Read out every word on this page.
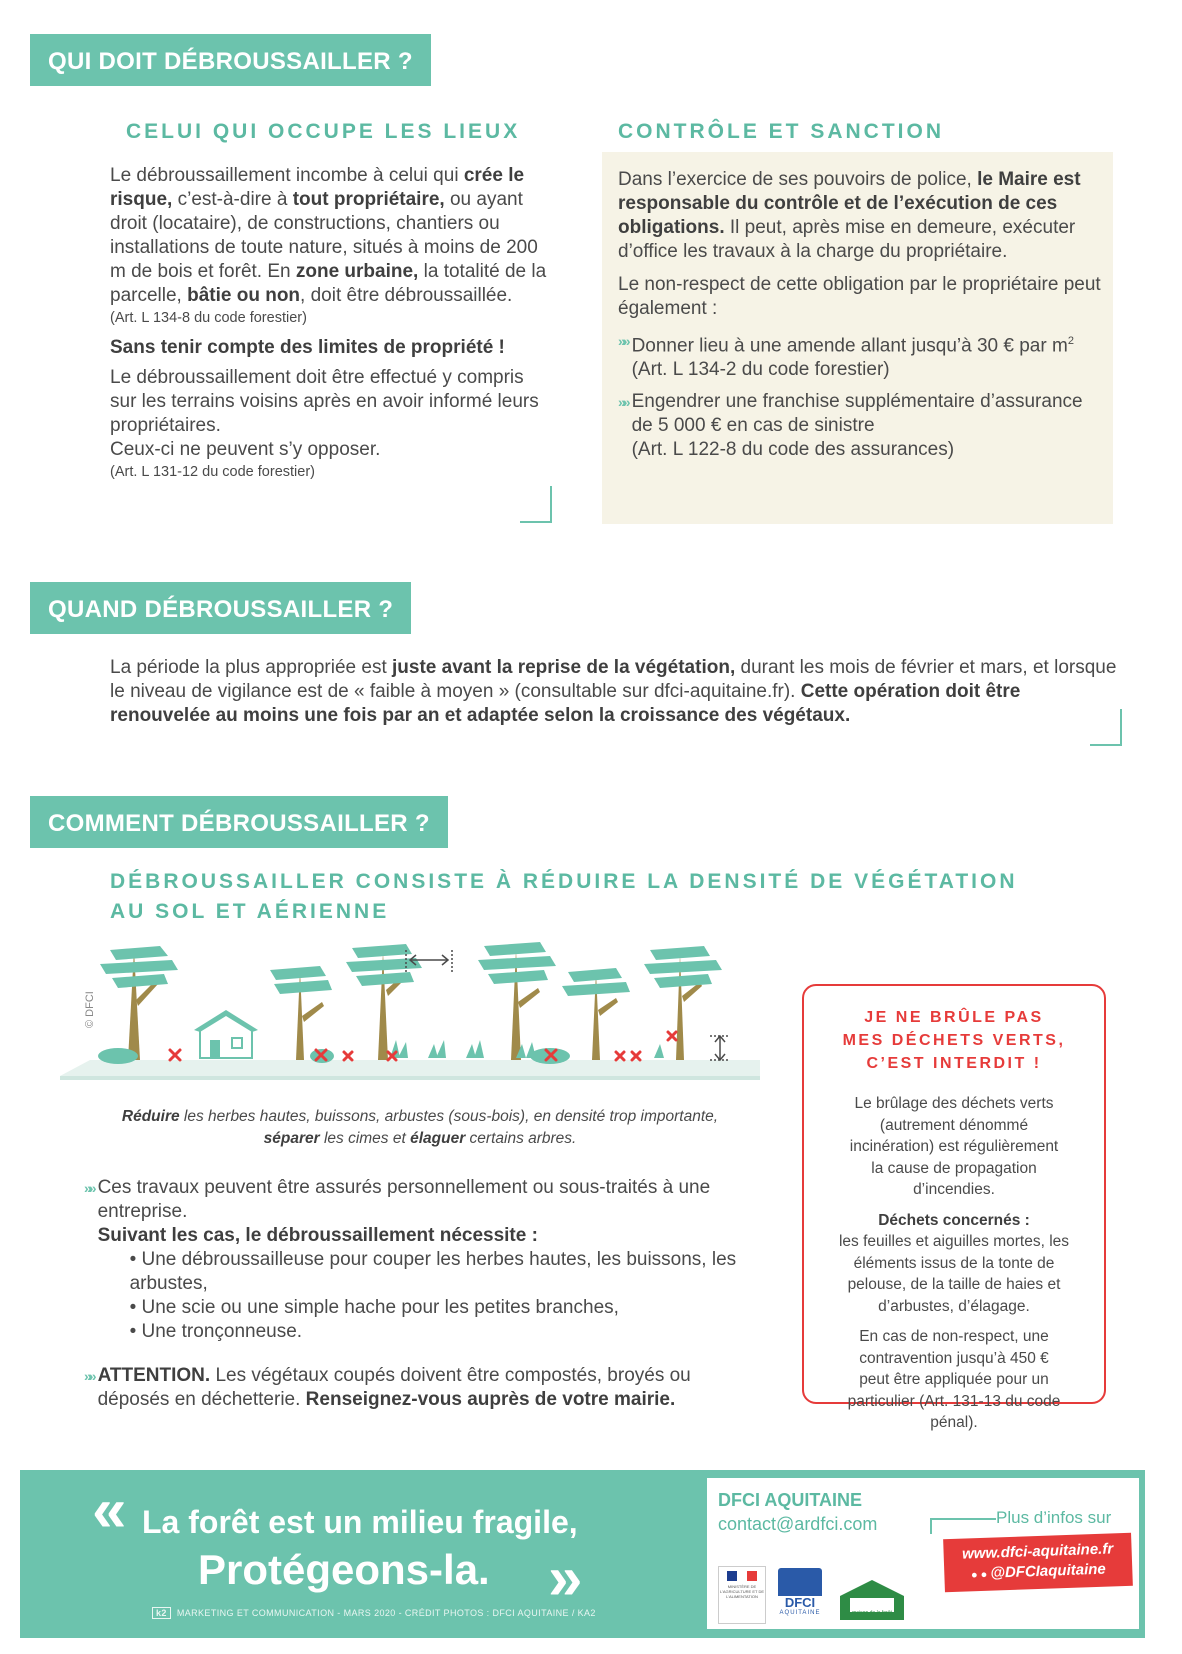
QUI DOIT DÉBROUSSAILLER ?
CELUI QUI OCCUPE LES LIEUX
Le débroussaillement incombe à celui qui crée le risque, c’est-à-dire à tout propriétaire, ou ayant droit (locataire), de constructions, chantiers ou installations de toute nature, situés à moins de 200 m de bois et forêt. En zone urbaine, la totalité de la parcelle, bâtie ou non, doit être débroussaillée.
(Art. L 134-8 du code forestier)
Sans tenir compte des limites de propriété !
Le débroussaillement doit être effectué y compris sur les terrains voisins après en avoir informé leurs propriétaires.
Ceux-ci ne peuvent s’y opposer.
(Art. L 131-12 du code forestier)
CONTRÔLE ET SANCTION
Dans l’exercice de ses pouvoirs de police, le Maire est responsable du contrôle et de l’exécution de ces obligations. Il peut, après mise en demeure, exécuter d’office les travaux à la charge du propriétaire.
Le non-respect de cette obligation par le propriétaire peut également :
»» Donner lieu à une amende allant jusqu’à 30 € par $m^2$
(Art. L 134-2 du code forestier)
»» Engendrer une franchise supplémentaire d’assurance de 5 000 € en cas de sinistre
(Art. L 122-8 du code des assurances)
QUAND DÉBROUSSAILLER ?
La période la plus appropriée est juste avant la reprise de la végétation, durant les mois de février et mars, et lorsque le niveau de vigilance est de « faible à moyen » (consultable sur dfci-aquitaine.fr). Cette opération doit être renouvelée au moins une fois par an et adaptée selon la croissance des végétaux.
COMMENT DÉBROUSSAILLER ?
DÉBROUSSAILLER CONSISTE À RÉDUIRE LA DENSITÉ DE VÉGÉTATION
AU SOL ET AÉRIENNE
© DFCI
Réduire les herbes hautes, buissons, arbustes (sous-bois), en densité trop importante,
séparer les cimes et élaguer certains arbres.
»» Ces travaux peuvent être assurés personnellement ou sous-traités à une entreprise.
Suivant les cas, le débroussaillement nécessite :
• Une débroussailleuse pour couper les herbes hautes, les buissons, les arbustes,
• Une scie ou une simple hache pour les petites branches,
• Une tronçonneuse.
»» ATTENTION. Les végétaux coupés doivent être compostés, broyés ou déposés en déchetterie. Renseignez-vous auprès de votre mairie.
JE NE BRÛLE PAS
MES DÉCHETS VERTS,
C’EST INTERDIT !
Le brûlage des déchets verts (autrement dénommé incinération) est régulièrement la cause de propagation d’incendies.
Déchets concernés :
les feuilles et aiguilles mortes, les éléments issus de la tonte de pelouse, de la taille de haies et d’arbustes, d’élagage.
En cas de non-respect, une contravention jusqu’à 450 € peut être appliquée pour un particulier (Art. 131-13 du code pénal).
« La forêt est un milieu fragile,
Protégeons-la. »
k2 MARKETING ET COMMUNICATION - MARS 2020 - CRÉDIT PHOTOS : DFCI AQUITAINE / KA2
DFCI AQUITAINE
contact@ardfci.com
MINISTÈRE DE L’AGRICULTURE ET DE L’ALIMENTATION	DFCI
AQUITAINE	maison de la forêt
Plus d’infos sur
www.dfci-aquitaine.fr
● ● @DFCIaquitaine
